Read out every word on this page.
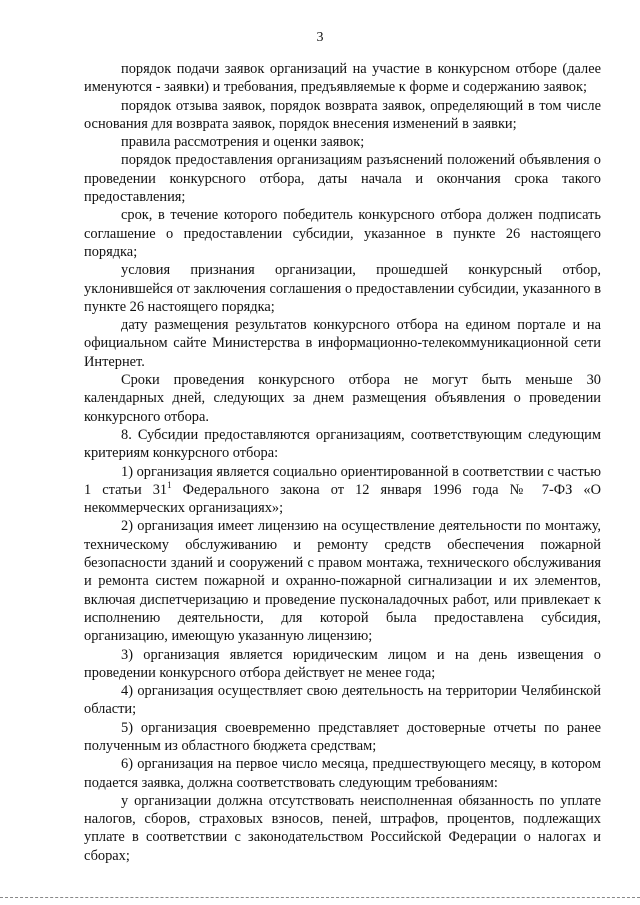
3

порядок подачи заявок организаций на участие в конкурсном отборе (далее именуются - заявки) и требования, предъявляемые к форме и содержанию заявок;

порядок отзыва заявок, порядок возврата заявок, определяющий в том числе основания для возврата заявок, порядок внесения изменений в заявки;

правила рассмотрения и оценки заявок;

порядок предоставления организациям разъяснений положений объявления о проведении конкурсного отбора, даты начала и окончания срока такого предоставления;

срок, в течение которого победитель конкурсного отбора должен подписать соглашение о предоставлении субсидии, указанное в пункте 26 настоящего порядка;

условия признания организации, прошедшей конкурсный отбор, уклонившейся от заключения соглашения о предоставлении субсидии, указанного в пункте 26 настоящего порядка;

дату размещения результатов конкурсного отбора на едином портале и на официальном сайте Министерства в информационно-телекоммуникационной сети Интернет.

Сроки проведения конкурсного отбора не могут быть меньше 30 календарных дней, следующих за днем размещения объявления о проведении конкурсного отбора.

8. Субсидии предоставляются организациям, соответствующим следующим критериям конкурсного отбора:

1) организация является социально ориентированной в соответствии с частью 1 статьи $31^1$ Федерального закона от 12 января 1996 года № 7-ФЗ «О некоммерческих организациях»;

2) организация имеет лицензию на осуществление деятельности по монтажу, техническому обслуживанию и ремонту средств обеспечения пожарной безопасности зданий и сооружений с правом монтажа, технического обслуживания и ремонта систем пожарной и охранно-пожарной сигнализации и их элементов, включая диспетчеризацию и проведение пусконаладочных работ, или привлекает к исполнению деятельности, для которой была предоставлена субсидия, организацию, имеющую указанную лицензию;

3) организация является юридическим лицом и на день извещения о проведении конкурсного отбора действует не менее года;

4) организация осуществляет свою деятельность на территории Челябинской области;

5) организация своевременно представляет достоверные отчеты по ранее полученным из областного бюджета средствам;

6) организация на первое число месяца, предшествующего месяцу, в котором подается заявка, должна соответствовать следующим требованиям:

у организации должна отсутствовать неисполненная обязанность по уплате налогов, сборов, страховых взносов, пеней, штрафов, процентов, подлежащих уплате в соответствии с законодательством Российской Федерации о налогах и сборах;
